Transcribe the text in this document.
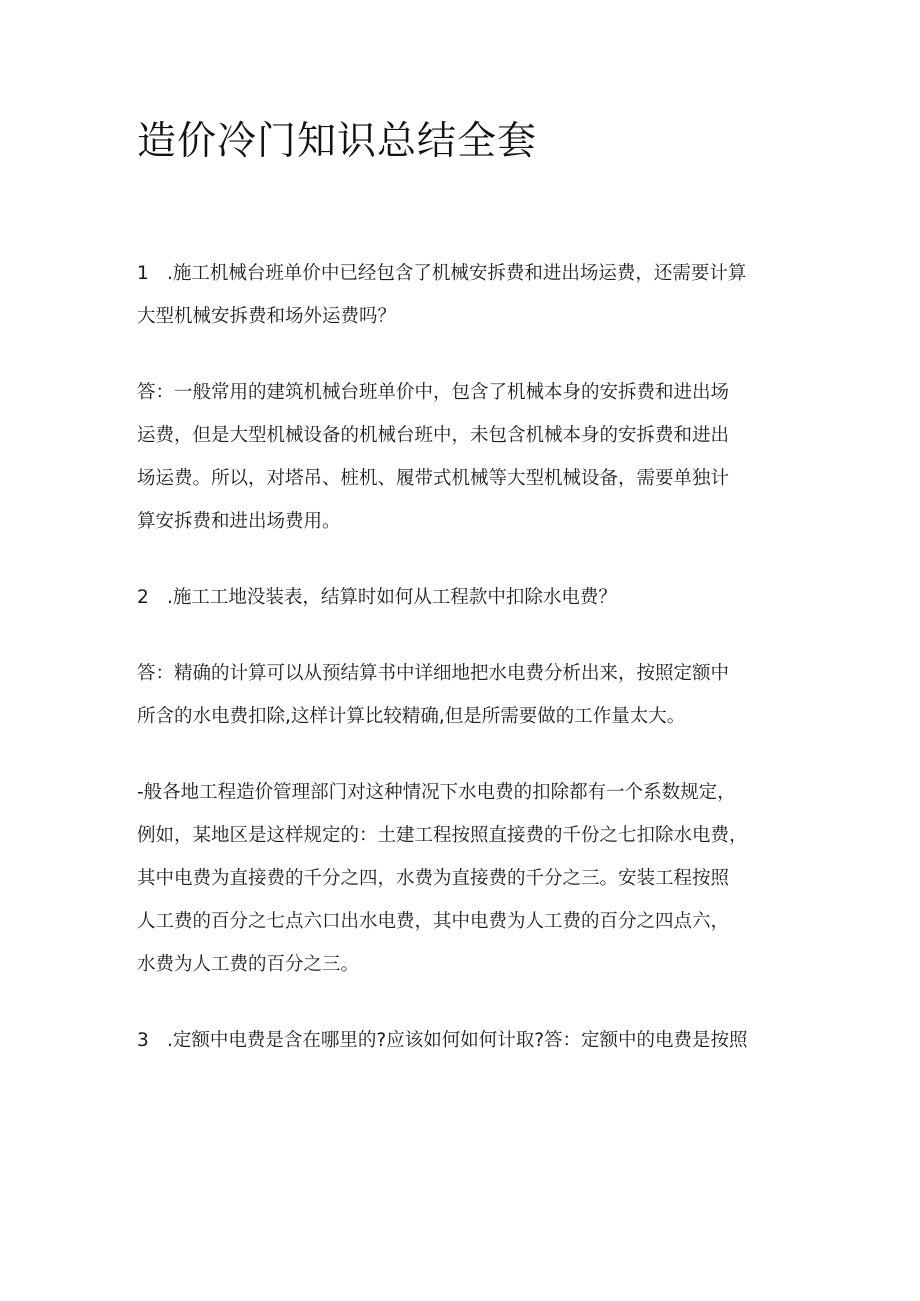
造价冷门知识总结全套

1 .施工机械台班单价中已经包含了机械安拆费和进出场运费，还需要计算
大型机械安拆费和场外运费吗？

答：一般常用的建筑机械台班单价中，包含了机械本身的安拆费和进出场
运费，但是大型机械设备的机械台班中，未包含机械本身的安拆费和进出
场运费。所以，对塔吊、桩机、履带式机械等大型机械设备，需要单独计
算安拆费和进出场费用。

2 .施工工地没装表，结算时如何从工程款中扣除水电费？

答：精确的计算可以从预结算书中详细地把水电费分析出来，按照定额中
所含的水电费扣除,这样计算比较精确,但是所需要做的工作量太大。

-般各地工程造价管理部门对这种情况下水电费的扣除都有一个系数规定，
例如，某地区是这样规定的：土建工程按照直接费的千份之七扣除水电费，
其中电费为直接费的千分之四，水费为直接费的千分之三。安装工程按照
人工费的百分之七点六口出水电费，其中电费为人工费的百分之四点六，
水费为人工费的百分之三。

3 .定额中电费是含在哪里的?应该如何如何计取?答：定额中的电费是按照
